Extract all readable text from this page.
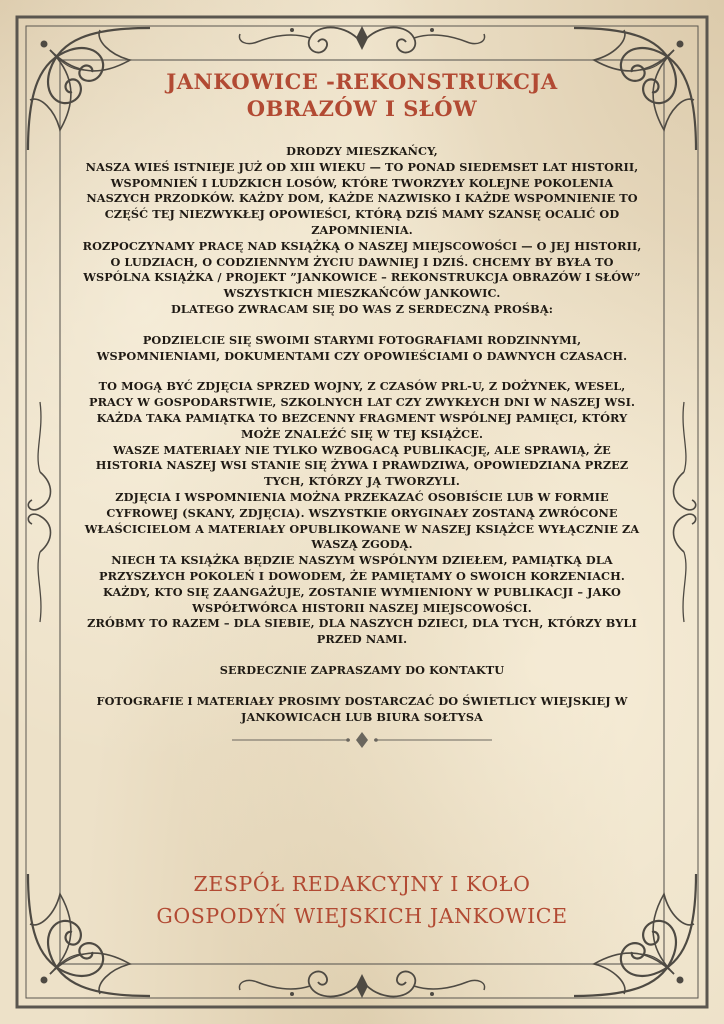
JANKOWICE -REKONSTRUKCJA
OBRAZÓW I SŁÓW
DRODZY MIESZKAŃCY,
NASZA WIEŚ ISTNIEJE JUŻ OD XIII WIEKU — TO PONAD SIEDEMSET LAT HISTORII, WSPOMNIEŃ I LUDZKICH LOSÓW, KTÓRE TWORZYŁY KOLEJNE POKOLENIA NASZYCH PRZODKÓW. KAŻDY DOM, KAŻDE NAZWISKO I KAŻDE WSPOMNIENIE TO CZĘŚĆ TEJ NIEZWYKŁEJ OPOWIEŚCI, KTÓRĄ DZIŚ MAMY SZANSĘ OCALIĆ OD ZAPOMNIENIA.
ROZPOCZYNAMY PRACĘ NAD KSIĄŻKĄ O NASZEJ MIEJSCOWOŚCI — O JEJ HISTORII, O LUDZIACH, O CODZIENNYM ŻYCIU DAWNIEJ I DZIŚ. CHCEMY BY BYŁA TO WSPÓLNA KSIĄŻKA / PROJEKT ”JANKOWICE – REKONSTRUKCJA OBRAZÓW I SŁÓW”
WSZYSTKICH MIESZKAŃCÓW JANKOWIC.
DLATEGO ZWRACAM SIĘ DO WAS Z SERDECZNĄ PROŚBĄ:
PODZIELCIE SIĘ SWOIMI STARYMI FOTOGRAFIAMI RODZINNYMI, WSPOMNIENIAMI, DOKUMENTAMI CZY OPOWIEŚCIAMI O DAWNYCH CZASACH.
TO MOGĄ BYĆ ZDJĘCIA SPRZED WOJNY, Z CZASÓW PRL-U, Z DOŻYNEK, WESEL, PRACY W GOSPODARSTWIE, SZKOLNYCH LAT CZY ZWYKŁYCH DNI W NASZEJ WSI. KAŻDA TAKA PAMIĄTKA TO BEZCENNY FRAGMENT WSPÓLNEJ PAMIĘCI, KTÓRY MOŻE ZNALEŹĆ SIĘ W TEJ KSIĄŻCE.
WASZE MATERIAŁY NIE TYLKO WZBOGACĄ PUBLIKACJĘ, ALE SPRAWIĄ, ŻE HISTORIA NASZEJ WSI STANIE SIĘ ŻYWA I PRAWDZIWA, OPOWIEDZIANA PRZEZ TYCH, KTÓRZY JĄ TWORZYLI.
ZDJĘCIA I WSPOMNIENIA MOŻNA PRZEKAZAĆ OSOBIŚCIE LUB W FORMIE CYFROWEJ (SKANY, ZDJĘCIA). WSZYSTKIE ORYGINAŁY ZOSTANĄ ZWRÓCONE WŁAŚCICIELOM A MATERIAŁY OPUBLIKOWANE W NASZEJ KSIĄŻCE WYŁĄCZNIE ZA WASZĄ ZGODĄ.
NIECH TA KSIĄŻKA BĘDZIE NASZYM WSPÓLNYM DZIEŁEM, PAMIĄTKĄ DLA PRZYSZŁYCH POKOLEŃ I DOWODEM, ŻE PAMIĘTAMY O SWOICH KORZENIACH.
KAŻDY, KTO SIĘ ZAANGAŻUJE, ZOSTANIE WYMIENIONY W PUBLIKACJI – JAKO WSPÓŁTWÓRCA HISTORII NASZEJ MIEJSCOWOŚCI.
ZRÓBMY TO RAZEM – DLA SIEBIE, DLA NASZYCH DZIECI, DLA TYCH, KTÓRZY BYLI PRZED NAMI.
SERDECZNIE ZAPRASZAMY DO KONTAKTU
FOTOGRAFIE I MATERIAŁY PROSIMY DOSTARCZAĆ DO ŚWIETLICY WIEJSKIEJ W JANKOWICACH LUB BIURA SOŁTYSA
ZESPÓŁ REDAKCYJNY I KOŁO
GOSPODYŃ WIEJSKICH JANKOWICE
